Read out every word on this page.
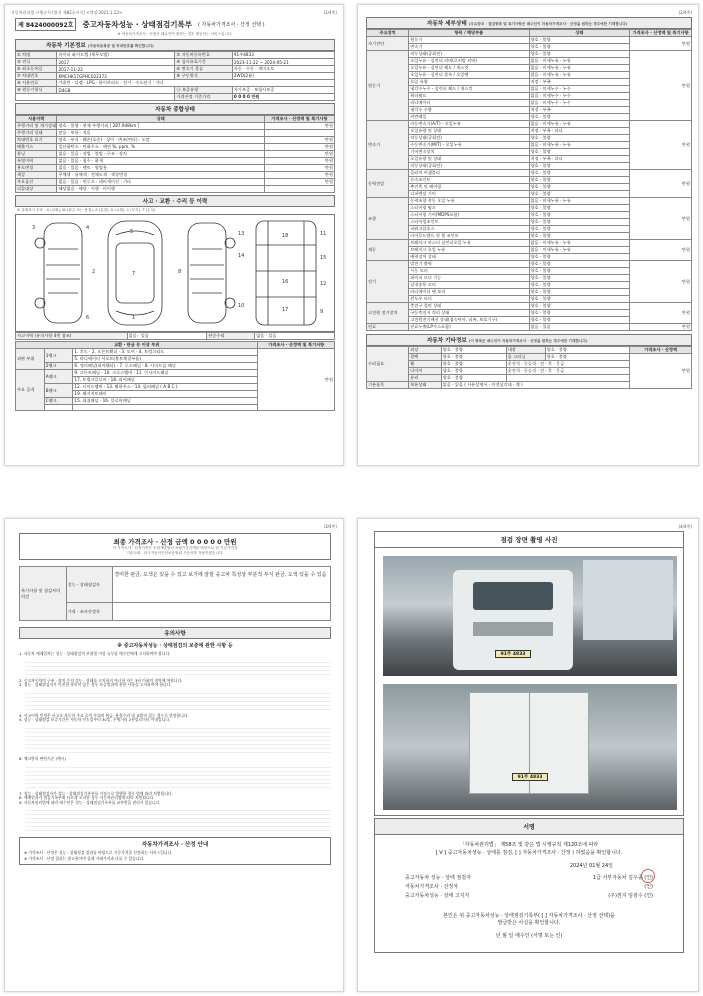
자동차관리법 시행규칙 [별지 제82호서식] <개정 2021.1.13>	(1/4쪽)
제 8424000092호	중고자동차성능 · 상태점검기록부 ( 자동차가격조사 · 산정 선택 )
※ 자동차가격조사 · 산정은 매수인이 원하는 경우 제공하는 서비스입니다.
자동차 기본정보 (자동차등록증 및 차대번호를 확인합니다)
① 차명	마이티 와이드캡 (세무모델)	② 자동차등록번호	91주4833
③ 연식	2017	④ 검사유효기간	2023-11-22 ~ 2024-05-21
⑤ 최초등록일	2017-11-22	⑥ 변속기 종류	자동 · 수동 · 세미오토
⑦ 차대번호	KMCHK17GPHC022373	⑧ 구동방식	2WD(2륜)
⑨ 사용연료	가솔린 · 디젤 · LPG · 하이브리드 · 전기 · 수소전기 · 기타		
⑩ 원동기형식	D4GB	⑪ 보증유형	자가보증 · 보험사보증
		가격산정 기준가격	0 0 0 0 만원
자동차 종합상태
사용이력	상태	가격조사 · 산정액 및 특기사항
주행거리 및 계기상태	양호 · 불량 · 현재 주행거리 [ 287,948km ]	만원
주행거리 상태	많음 · 보통 · 적음	
차대번호 표기	양호 · 부식 · 훼손(오손) · 상이 · 변조(변타) · 도말	만원
배출가스	일산화탄소 · 탄화수소 · 매연 %, ppm, %	만원
튜닝	없음 · 있음 · 적법 · 불법 · 구조 · 장치	만원
특별이력	없음 · 있음 · 침수 · 화재	만원
용도변경	없음 · 있음 · 렌트 · 영업용	만원
색상	무채색 · 유채색 · 전체도색 · 색상변경	만원
주요옵션	없음 · 있음 · 썬루프 · 네비게이션 · 기타	만원
리콜대상	해당없음 · 해당 · 이행 · 미이행	
사고 · 교환 · 수리 등 이력
※ 상태표시 부호 : X (교환), W (판금 또는 용접), A (흠집), U (요철), C (부식), T (손상)
3	4
5
7
1
2	8
13
14
11
15
12
16
17
10
9
18
6
사고이력 (유의사항 4번 참조)	없음 · 있음	단순수리	없음 · 있음
교환 · 판금 등 이상 부위			가격조사 · 산정액 및 특기사항
외판 부위	1랭크	1. 후드 · 2. 프론트휀더 · 3. 도어 · 4. 트렁크리드	만원
		5. 라디에이터 서포트(볼트체결부품)	
	2랭크	6. 쿼터패널(리어휀더) · 7. 루프패널 · 8. 사이드실 패널	
주요 골격	A랭크	9. 프론트패널 · 10. 크로스멤버 · 11. 인사이드패널	
		17. 트렁크플로어 · 18. 리어패널	
	B랭크	12. 사이드멤버 · 13. 휠하우스 · 14. 필러패널 ( A B C )	
		19. 패키지트레이	
	C랭크	15. 대쉬패널 · 16. 플로어패널	

(2/4쪽)
자동차 세부상태 (주요장치 · 점검항목 및 특기사항은 매수인이 자동차가격조사 · 산정을 원하는 경우에만 기재합니다)
주요장치	항목 / 해당부품	상태	가격조사 · 산정액 및 특기사항
자기진단	원동기	양호 · 불량	만원
	변속기	양호 · 불량	
원동기	작동상태(공회전)	양호 · 불량	만원
	오일누유 - 실린더 커버(로커암 커버)	없음 · 미세누유 · 누유	
	오일누유 - 실린더 헤드 / 개스킷	없음 · 미세누유 · 누유	
	오일누유 - 실린더 블록 / 오일팬	없음 · 미세누유 · 누유	
	오일 유량	적정 · 부족	
	냉각수누수 - 실린더 헤드 / 개스킷	없음 · 미세누수 · 누수	
	워터펌프	없음 · 미세누수 · 누수	
	라디에이터	없음 · 미세누수 · 누수	
	냉각수 수량	적정 · 부족	
	커먼레일	양호 · 불량	
변속기	자동변속기(A/T) - 오일누유	없음 · 미세누유 · 누유	만원
	오일유량 및 상태	적정 · 부족 · 과다	
	작동상태(공회전)	양호 · 불량	
	수동변속기(M/T) - 오일누유	없음 · 미세누유 · 누유	
	기어변속장치	양호 · 불량	
	오일유량 및 상태	적정 · 부족 · 과다	
	작동상태(공회전)	양호 · 불량	
동력전달	클러치 어셈블리	양호 · 불량	만원
	등속조인트	양호 · 불량	
	추진축 및 베어링	양호 · 불량	
	디퍼렌셜 기어	양호 · 불량	
조향	동력조향 작동 오일 누유	없음 · 미세누유 · 누유	만원
	스티어링 펌프	양호 · 불량	
	스티어링 기어(MDPS포함)	양호 · 불량	
	스티어링조인트	양호 · 불량	
	파워고압호스	양호 · 불량	
	타이로드엔드 및 볼 조인트	양호 · 불량	
제동	브레이크 마스터 실린더오일 누유	없음 · 미세누유 · 누유	만원
	브레이크 오일 누유	없음 · 미세누유 · 누유	
	배력장치 상태	양호 · 불량	
전기	발전기 출력	양호 · 불량	만원
	시동 모터	양호 · 불량	
	와이퍼 모터 기능	양호 · 불량	
	실내송풍 모터	양호 · 불량	
	라디에이터 팬 모터	양호 · 불량	
	윈도우 모터	양호 · 불량	
고전원 전기장치	충전구 절연 상태	양호 · 불량	만원
	구동축전지 격리 상태	양호 · 불량	
	고전원전기배선 상태(접속단자, 피복, 보호기구)	양호 · 불량	
연료	연료누출(LP가스포함)	없음 · 있음	만원
자동차 기타정보 (이 항목은 매수인이 자동차가격조사 · 산정을 원하는 경우에만 기재합니다)
수리필요	외장	양호 · 불량	내장	양호 · 불량	가격조사 · 산정액
	광택	양호 · 불량	룸 크리닝	양호 · 불량	만원
	휠	양호 · 불량	운전석 · 동승석 · 전 · 후 · 응급		
	타이어	양호 · 불량	운전석 · 동승석 · 전 · 후 · 응급		
	유리	양호 · 불량			
기본품목	보유상태	없음 · 있음 ( 사용설명서 · 안전삼각대 · 잭 )			
(3/4쪽)
최종 가격조사 · 산정 금액 0 0 0 0 0 만원
이 가격조사 · 산정가격은 보험개발원의 차량기준가액을 바탕으로 한 기준가격과
기술사회 · 한국자동차진단보증협회 기준서를 적용하였습니다.
특기사항 및 점검자의 의견	성능 · 상태점검자	경미한 판금, 도색은 있을 수 있고 보기에 알릴 중고차 특성상 부분적 부식 판금, 도색 있을 수 있음
	가격 · 조사산정자	
유의사항
※ 중고자동차성능 · 상태점검의 보증에 관한 사항 등
1. 자동차 매매업자는 성능 · 상태점검의 부위별 이상 유무를 매수인에게 고지하여야 합니다.
2. 중고자동차의 구조 · 장치 등의 성능 · 상태를 고지하지 아니한 자는 3년 이하의 징역에 처합니다.
3. 성능 · 상태점검자가 미진한 항목이 있는 경우 보증범위에 관한 사항을 고지하여야 합니다.
4. 사고이력 인정은 사고로 자동차 주요 골격 부위의 판금, 용접수리 및 교환이 있는 경우로 한정합니다.
5. 성능 · 상태점검 보증기간은 자동차 인도일부터 30일, 주행거리 2천킬로미터 이내입니다.
6. 체크항목 판단기준 (예시)
7. 성능 · 상태점검자가 성능 · 상태점검기록부를 거짓으로 발행한 경우 법에 따라 처벌됩니다.
8. 매매업자가 점검기록부와 다르게 고지한 경우 자동차관리법에 따라 처벌됩니다.
9. 자동차관리법에 따라 매수인은 성능 · 상태점검기록부를 교부받을 권리가 있습니다.
자동차가격조사 · 산정 안내
※ 가격조사 · 산정은 성능 · 상태점검 결과를 바탕으로 기준가격을 산정하는 서비스입니다.
※ 가격조사 · 산정 결과는 참고용이며 실제 거래가격과 다를 수 있습니다.
(4/4쪽)
점검 장면 촬영 사진
91주 4833
91주 4833
서명
「자동차관리법」 제58조 및 같은 법 시행규칙 제120조에 따라
[ V ] 중고자동차성능 · 상태를 점검, [ ] 자동차가격조사 · 산정 ) 하였음을 확인합니다.
2024년 01월 24일
중고자동차 성능 · 상태 점검자	1급 서부자동차 김우종 (인)
자동차가격조사 · 산정자	(인)
중고자동차성능 · 상태 고지자	(주)천지 임광수 (인)
본인은 위 중고자동차성능 · 상태점검기록부( [ ] 자동차가격조사 · 산정 선택)을
발급받은 사실을 확인합니다.
년 월 일 매수인 (서명 또는 인)
